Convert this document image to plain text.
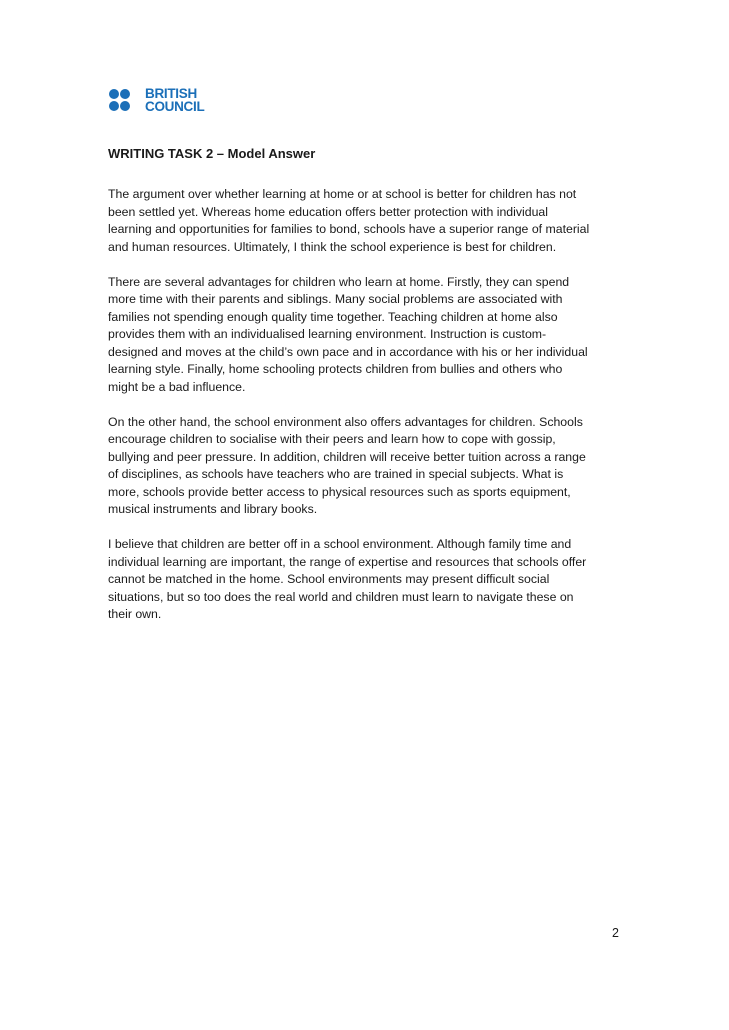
BRITISH
COUNCIL
WRITING TASK 2 – Model Answer

The argument over whether learning at home or at school is better for children has not
been settled yet. Whereas home education offers better protection with individual
learning and opportunities for families to bond, schools have a superior range of material
and human resources. Ultimately, I think the school experience is best for children.

There are several advantages for children who learn at home. Firstly, they can spend
more time with their parents and siblings. Many social problems are associated with
families not spending enough quality time together. Teaching children at home also
provides them with an individualised learning environment. Instruction is custom-
designed and moves at the child’s own pace and in accordance with his or her individual
learning style. Finally, home schooling protects children from bullies and others who
might be a bad influence.

On the other hand, the school environment also offers advantages for children. Schools
encourage children to socialise with their peers and learn how to cope with gossip,
bullying and peer pressure. In addition, children will receive better tuition across a range
of disciplines, as schools have teachers who are trained in special subjects. What is
more, schools provide better access to physical resources such as sports equipment,
musical instruments and library books.

I believe that children are better off in a school environment. Although family time and
individual learning are important, the range of expertise and resources that schools offer
cannot be matched in the home. School environments may present difficult social
situations, but so too does the real world and children must learn to navigate these on
their own.

2
